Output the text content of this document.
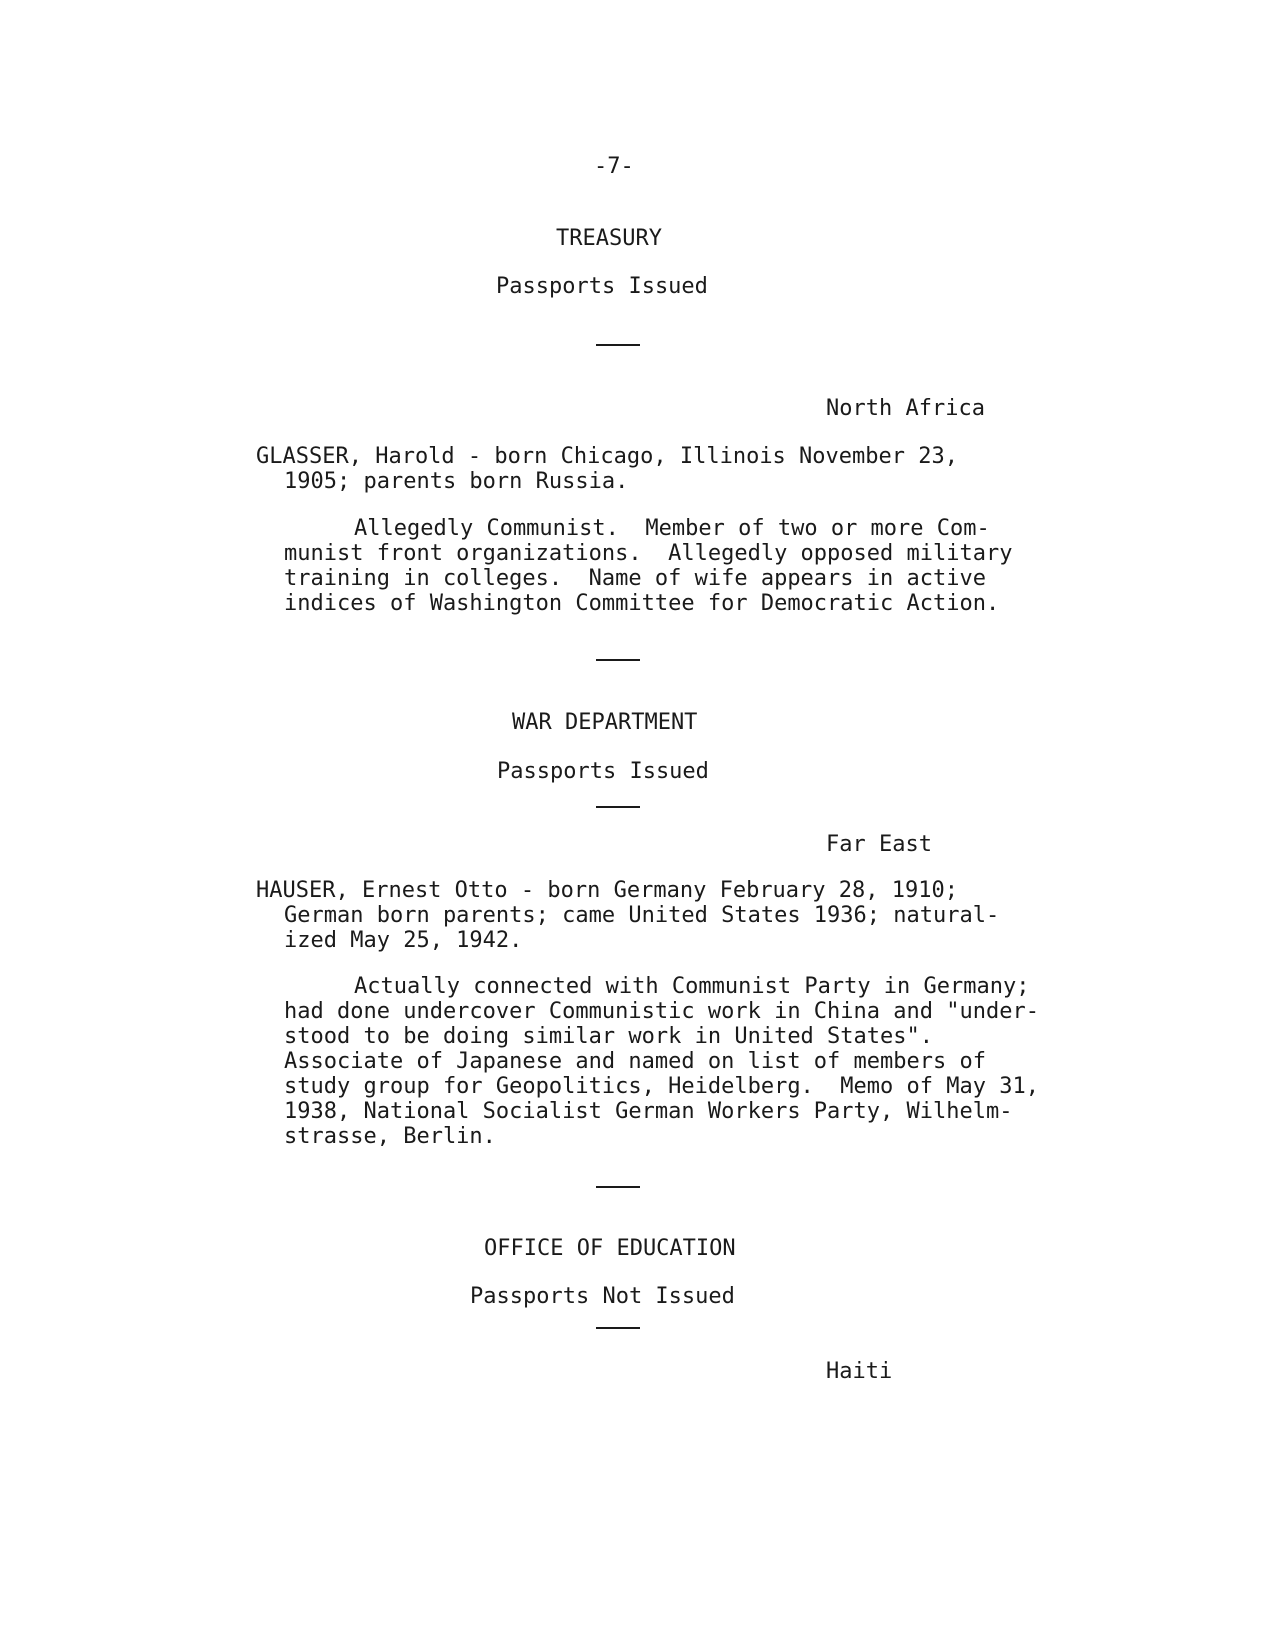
-7-
TREASURY
Passports Issued
North Africa
GLASSER, Harold - born Chicago, Illinois November 23,
1905; parents born Russia.
Allegedly Communist.  Member of two or more Com-
munist front organizations.  Allegedly opposed military
training in colleges.  Name of wife appears in active
indices of Washington Committee for Democratic Action.
WAR DEPARTMENT
Passports Issued
Far East
HAUSER, Ernest Otto - born Germany February 28, 1910;
German born parents; came United States 1936; natural-
ized May 25, 1942.
Actually connected with Communist Party in Germany;
had done undercover Communistic work in China and "under-
stood to be doing similar work in United States".
Associate of Japanese and named on list of members of
study group for Geopolitics, Heidelberg.  Memo of May 31,
1938, National Socialist German Workers Party, Wilhelm-
strasse, Berlin.
OFFICE OF EDUCATION
Passports Not Issued
Haiti
